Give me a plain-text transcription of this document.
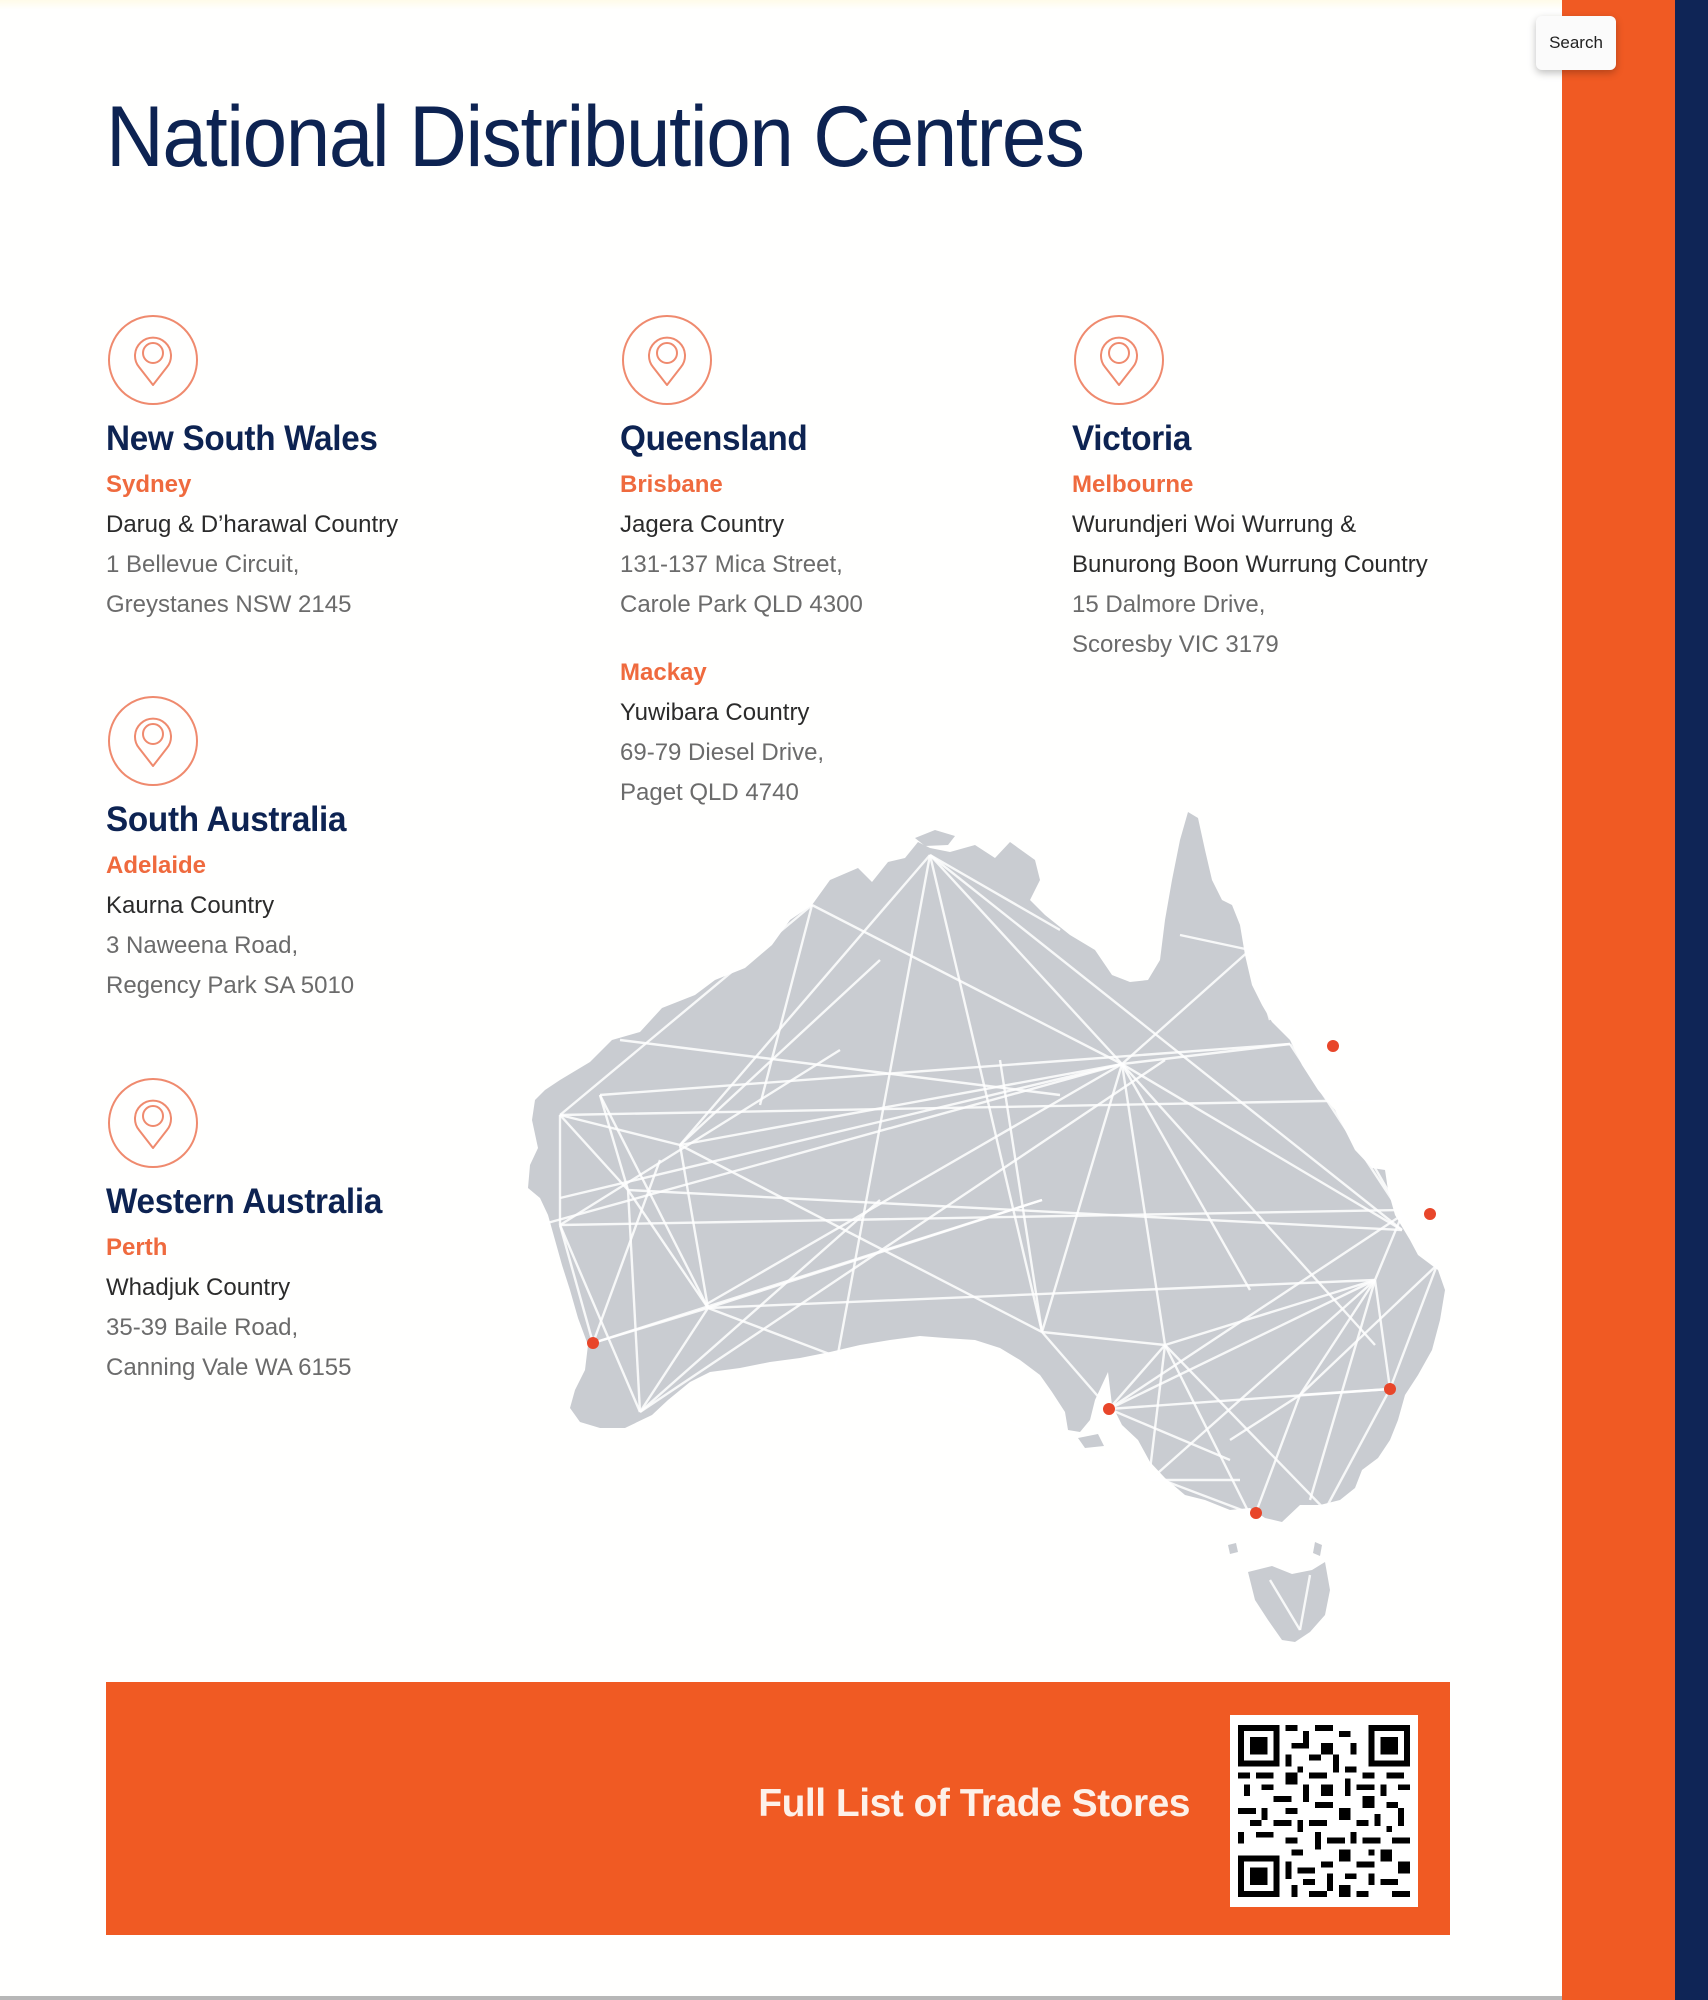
National Distribution Centres
New South Wales
Sydney
Darug & D’harawal Country
1 Bellevue Circuit,
Greystanes NSW 2145
Queensland
Brisbane
Jagera Country
131-137 Mica Street,
Carole Park QLD 4300
Mackay
Yuwibara Country
69-79 Diesel Drive,
Paget QLD 4740
Victoria
Melbourne
Wurundjeri Woi Wurrung &
Bunurong Boon Wurrung Country
15 Dalmore Drive,
Scoresby VIC 3179
South Australia
Adelaide
Kaurna Country
3 Naweena Road,
Regency Park SA 5010
Western Australia
Perth
Whadjuk Country
35-39 Baile Road,
Canning Vale WA 6155
Full List of Trade Stores
Search
